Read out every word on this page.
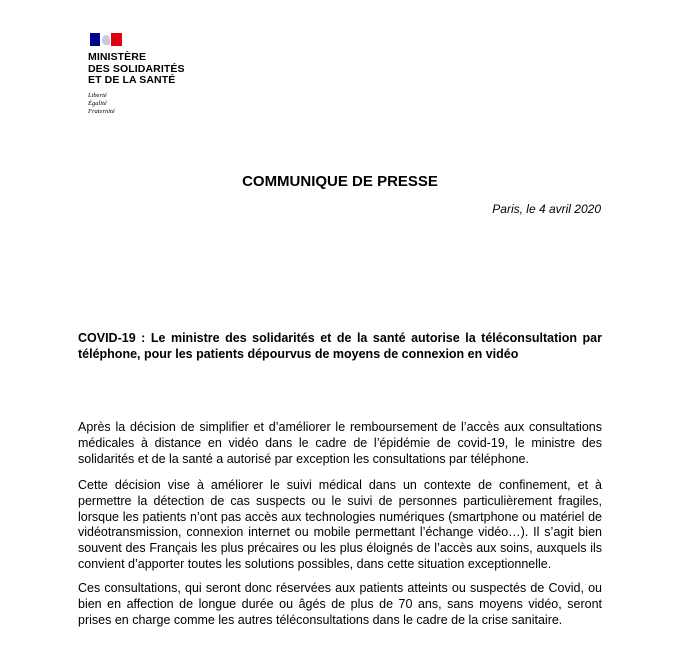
MINISTÈRE
DES SOLIDARITÉS
ET DE LA SANTÉ
Liberté
Égalité
Fraternité
COMMUNIQUE DE PRESSE
Paris, le 4 avril 2020
COVID-19 : Le ministre des solidarités et de la santé autorise la téléconsultation par téléphone, pour les patients dépourvus de moyens de connexion en vidéo

Après la décision de simplifier et d’améliorer le remboursement de l’accès aux consultations médicales à distance en vidéo dans le cadre de l’épidémie de covid-19, le ministre des solidarités et de la santé a autorisé par exception les consultations par téléphone.

Cette décision vise à améliorer le suivi médical dans un contexte de confinement, et à permettre la détection de cas suspects ou le suivi de personnes particulièrement fragiles, lorsque les patients n’ont pas accès aux technologies numériques (smartphone ou matériel de vidéotransmission, connexion internet ou mobile permettant l’échange vidéo…). Il s’agit bien souvent des Français les plus précaires ou les plus éloignés de l’accès aux soins, auxquels ils convient d’apporter toutes les solutions possibles, dans cette situation exceptionnelle.

Ces consultations, qui seront donc réservées aux patients atteints ou suspectés de Covid, ou bien en affection de longue durée ou âgés de plus de 70 ans, sans moyens vidéo, seront prises en charge comme les autres téléconsultations dans le cadre de la crise sanitaire.
